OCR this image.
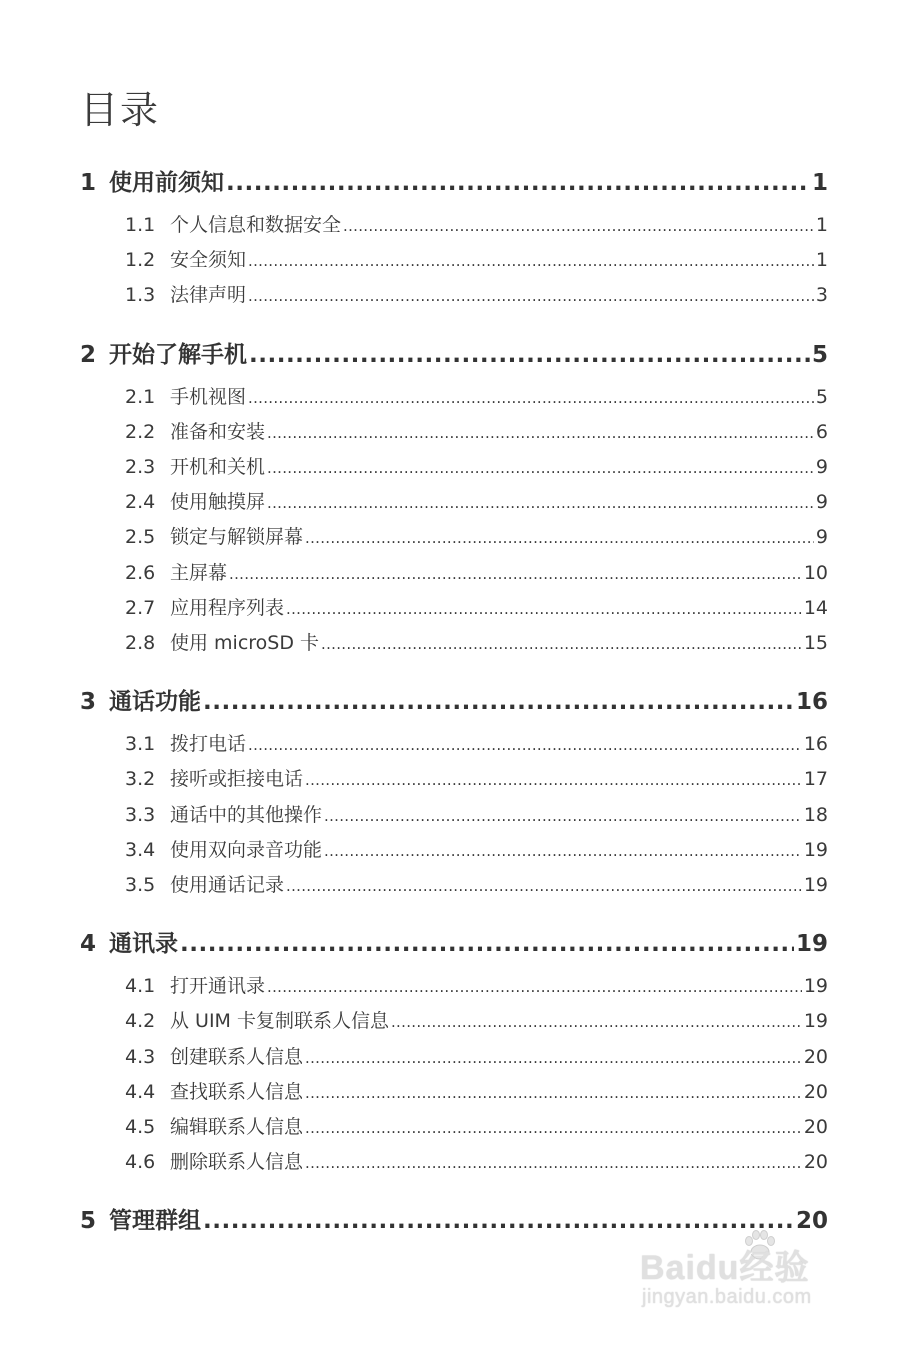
目录
1 使用前须知 .....	1
1.1 个人信息和数据安全 .....	1
1.2 安全须知 .....	1
1.3 法律声明 .....	3
2 开始了解手机 .....	5
2.1 手机视图 .....	5
2.2 准备和安装 .....	6
2.3 开机和关机 .....	9
2.4 使用触摸屏 .....	9
2.5 锁定与解锁屏幕 .....	9
2.6 主屏幕 .....	10
2.7 应用程序列表 .....	14
2.8 使用 microSD 卡 .....	15
3 通话功能 .....	16
3.1 拨打电话 .....	16
3.2 接听或拒接电话 .....	17
3.3 通话中的其他操作 .....	18
3.4 使用双向录音功能 .....	19
3.5 使用通话记录 .....	19
4 通讯录 .....	19
4.1 打开通讯录 .....	19
4.2 从 UIM 卡复制联系人信息 .....	19
4.3 创建联系人信息 .....	20
4.4 查找联系人信息 .....	20
4.5 编辑联系人信息 .....	20
4.6 删除联系人信息 .....	20
5 管理群组 .....	20
Baidu经验
jingyan.baidu.com
